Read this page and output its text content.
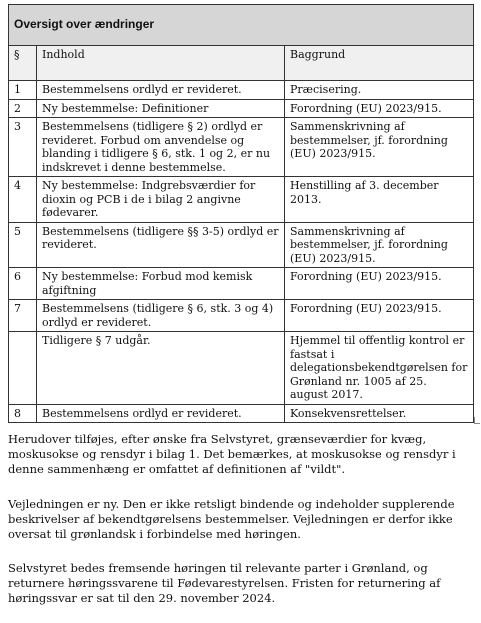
Oversigt over ændringer		
§	Indhold	Baggrund
1	Bestemmelsens ordlyd er revideret.	Præcisering.
2	Ny bestemmelse: Definitioner	Forordning (EU) 2023/915.
3	Bestemmelsens (tidligere § 2) ordlyd er revideret. Forbud om anvendelse og blanding i tidligere § 6, stk. 1 og 2, er nu indskrevet i denne bestemmelse.	Sammenskrivning af bestemmelser, jf. forordning (EU) 2023/915.
4	Ny bestemmelse: Indgrebsværdier for dioxin og PCB i de i bilag 2 angivne fødevarer.	Henstilling af 3. december 2013.
5	Bestemmelsens (tidligere §§ 3-5) ordlyd er revideret.	Sammenskrivning af bestemmelser, jf. forordning (EU) 2023/915.
6	Ny bestemmelse: Forbud mod kemisk afgiftning	Forordning (EU) 2023/915.
7	Bestemmelsens (tidligere § 6, stk. 3 og 4) ordlyd er revideret.	Forordning (EU) 2023/915.
	Tidligere § 7 udgår.	Hjemmel til offentlig kontrol er fastsat i delegationsbekendtgørelsen for Grønland nr. 1005 af 25. august 2017.
8	Bestemmelsens ordlyd er revideret.	Konsekvensrettelser.

Herudover tilføjes, efter ønske fra Selvstyret, grænseværdier for kvæg, moskusokse og rensdyr i bilag 1. Det bemærkes, at moskusokse og rensdyr i denne sammenhæng er omfattet af definitionen af "vildt".

Vejledningen er ny. Den er ikke retsligt bindende og indeholder supplerende beskrivelser af bekendtgørelsens bestemmelser. Vejledningen er derfor ikke oversat til grønlandsk i forbindelse med høringen.

Selvstyret bedes fremsende høringen til relevante parter i Grønland, og returnere høringssvarene til Fødevarestyrelsen. Fristen for returnering af høringssvar er sat til den 29. november 2024.
